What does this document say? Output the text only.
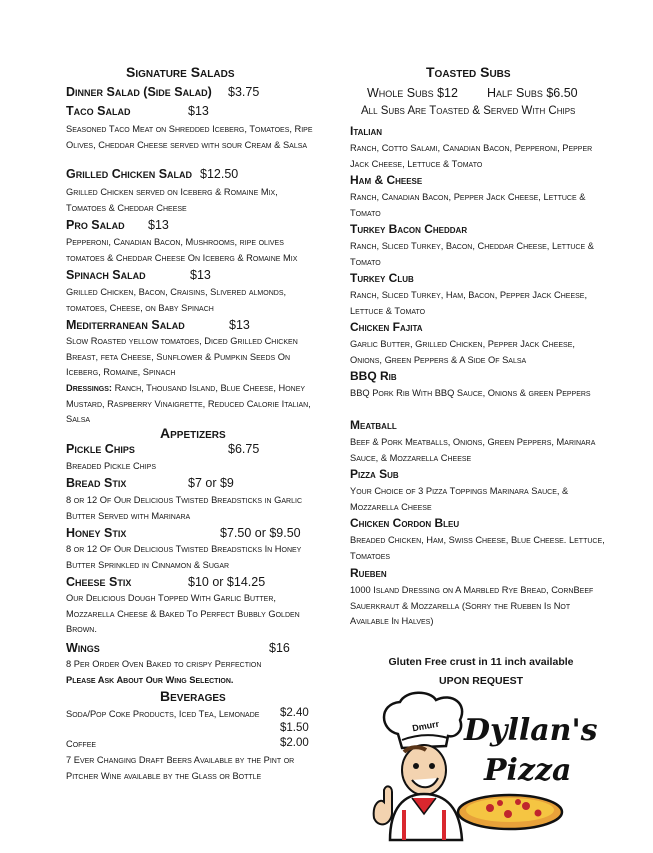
Signature Salads
Dinner Salad (Side Salad) $3.75
Taco Salad	$13
Seasoned Taco Meat on Shredded Iceberg, Tomatoes, Ripe Olives, Cheddar Cheese served with sour Cream & Salsa
Grilled Chicken Salad $12.50
Grilled Chicken served on Iceberg & Romaine Mix, Tomatoes & Cheddar Cheese
Pro Salad $13
Pepperoni, Canadian Bacon, Mushrooms, ripe olives tomatoes & Cheddar Cheese On Iceberg & Romaine Mix
Spinach Salad	$13
Grilled Chicken, Bacon, Craisins, Slivered almonds, tomatoes, Cheese, on Baby Spinach
Mediterranean Salad	$13
Slow Roasted yellow tomatoes, Diced Grilled Chicken Breast, feta Cheese, Sunflower & Pumpkin Seeds On Iceberg, Romaine, Spinach
Dressings: Ranch, Thousand Island, Blue Cheese, Honey Mustard, Raspberry Vinaigrette, Reduced Calorie Italian, Salsa
Appetizers
Pickle Chips	$6.75
Breaded Pickle Chips
Bread Stix	$7 or $9
8 or 12 Of Our Delicious Twisted Breadsticks in Garlic Butter Served with Marinara
Honey Stix	$7.50 or $9.50
8 or 12 Of Our Delicious Twisted Breadsticks In Honey Butter Sprinkled in Cinnamon & Sugar
Cheese Stix	$10 or $14.25
Our Delicious Dough Topped With Garlic Butter, Mozzarella Cheese & Baked To Perfect Bubbly Golden Brown.
Wings	$16
8 Per Order Oven Baked to crispy Perfection
Please Ask About Our Wing Selection.
Beverages
Soda/Pop Coke Products, Iced Tea, Lemonade $2.40
$1.50
Coffee	$2.00
7 Ever Changing Draft Beers Available by the Pint or Pitcher Wine available by the Glass or Bottle
Toasted Subs
Whole Subs $12 Half Subs $6.50
All Subs Are Toasted & Served With Chips
Italian
Ranch, Cotto Salami, Canadian Bacon, Pepperoni, Pepper Jack Cheese, Lettuce & Tomato
Ham & Cheese
Ranch, Canadian Bacon, Pepper Jack Cheese, Lettuce & Tomato
Turkey Bacon Cheddar
Ranch, Sliced Turkey, Bacon, Cheddar Cheese, Lettuce & Tomato
Turkey Club
Ranch, Sliced Turkey, Ham, Bacon, Pepper Jack Cheese, Lettuce & Tomato
Chicken Fajita
Garlic Butter, Grilled Chicken, Pepper Jack Cheese, Onions, Green Peppers & A Side Of Salsa
BBQ Rib
BBQ Pork Rib With BBQ Sauce, Onions & green Peppers
Meatball
Beef & Pork Meatballs, Onions, Green Peppers, Marinara Sauce, & Mozzarella Cheese
Pizza Sub
Your Choice of 3 Pizza Toppings Marinara Sauce, & Mozzarella Cheese
Chicken Cordon Bleu
Breaded Chicken, Ham, Swiss Cheese, Blue Cheese. Lettuce, Tomatoes
Rueben
1000 Island Dressing on A Marbled Rye Bread, CornBeef Sauerkraut & Mozzarella (Sorry the Rueben Is Not Available In Halves)
Gluten Free crust in 11 inch available
UPON REQUEST
Dmurr Dyllan's
Pizza
